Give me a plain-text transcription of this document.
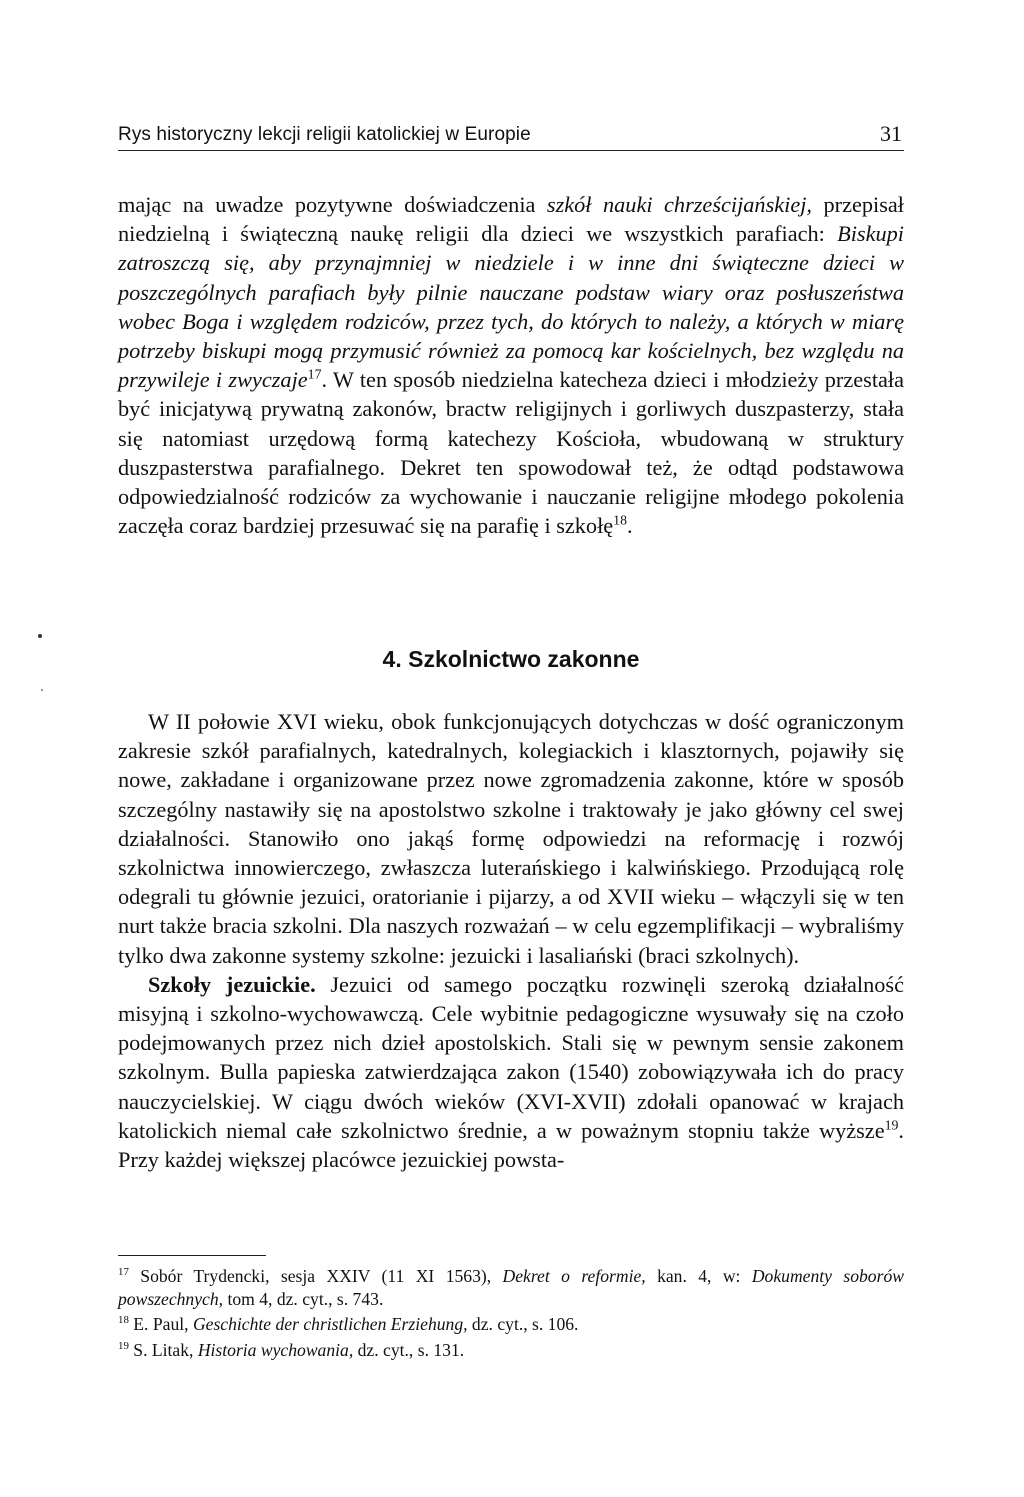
Rys historyczny lekcji religii katolickiej w Europie	31

mając na uwadze pozytywne doświadczenia szkół nauki chrześcijańskiej, przepisał niedzielną i świąteczną naukę religii dla dzieci we wszystkich parafiach: Biskupi zatroszczą się, aby przynajmniej w niedziele i w inne dni świąteczne dzieci w poszczególnych parafiach były pilnie nauczane podstaw wiary oraz posłuszeństwa wobec Boga i względem rodziców, przez tych, do których to należy, a których w miarę potrzeby biskupi mogą przymusić również za pomocą kar kościelnych, bez względu na przywileje i zwyczaje$^{17}$. W ten sposób niedzielna katecheza dzieci i młodzieży przestała być inicjatywą prywatną zakonów, bractw religijnych i gorliwych duszpasterzy, stała się natomiast urzędową formą katechezy Kościoła, wbudowaną w struktury duszpasterstwa parafialnego. Dekret ten spowodował też, że odtąd podstawowa odpowiedzialność rodziców za wychowanie i nauczanie religijne młodego pokolenia zaczęła coraz bardziej przesuwać się na parafię i szkołę$^{18}$.

4. Szkolnictwo zakonne

W II połowie XVI wieku, obok funkcjonujących dotychczas w dość ograniczonym zakresie szkół parafialnych, katedralnych, kolegiackich i klasztornych, pojawiły się nowe, zakładane i organizowane przez nowe zgromadzenia zakonne, które w sposób szczególny nastawiły się na apostolstwo szkolne i traktowały je jako główny cel swej działalności. Stanowiło ono jakąś formę odpowiedzi na reformację i rozwój szkolnictwa innowierczego, zwłaszcza luterańskiego i kalwińskiego. Przodującą rolę odegrali tu głównie jezuici, oratorianie i pijarzy, a od XVII wieku – włączyli się w ten nurt także bracia szkolni. Dla naszych rozważań – w celu egzemplifikacji – wybraliśmy tylko dwa zakonne systemy szkolne: jezuicki i lasaliański (braci szkolnych).

Szkoły jezuickie. Jezuici od samego początku rozwinęli szeroką działalność misyjną i szkolno-wychowawczą. Cele wybitnie pedagogiczne wysuwały się na czoło podejmowanych przez nich dzieł apostolskich. Stali się w pewnym sensie zakonem szkolnym. Bulla papieska zatwierdzająca zakon (1540) zobowiązywała ich do pracy nauczycielskiej. W ciągu dwóch wieków (XVI-XVII) zdołali opanować w krajach katolickich niemal całe szkolnictwo średnie, a w poważnym stopniu także wyższe$^{19}$. Przy każdej większej placówce jezuickiej powsta-

$^{17}$ Sobór Trydencki, sesja XXIV (11 XI 1563), Dekret o reformie, kan. 4, w: Dokumenty soborów powszechnych, tom 4, dz. cyt., s. 743.

$^{18}$ E. Paul, Geschichte der christlichen Erziehung, dz. cyt., s. 106.

$^{19}$ S. Litak, Historia wychowania, dz. cyt., s. 131.
